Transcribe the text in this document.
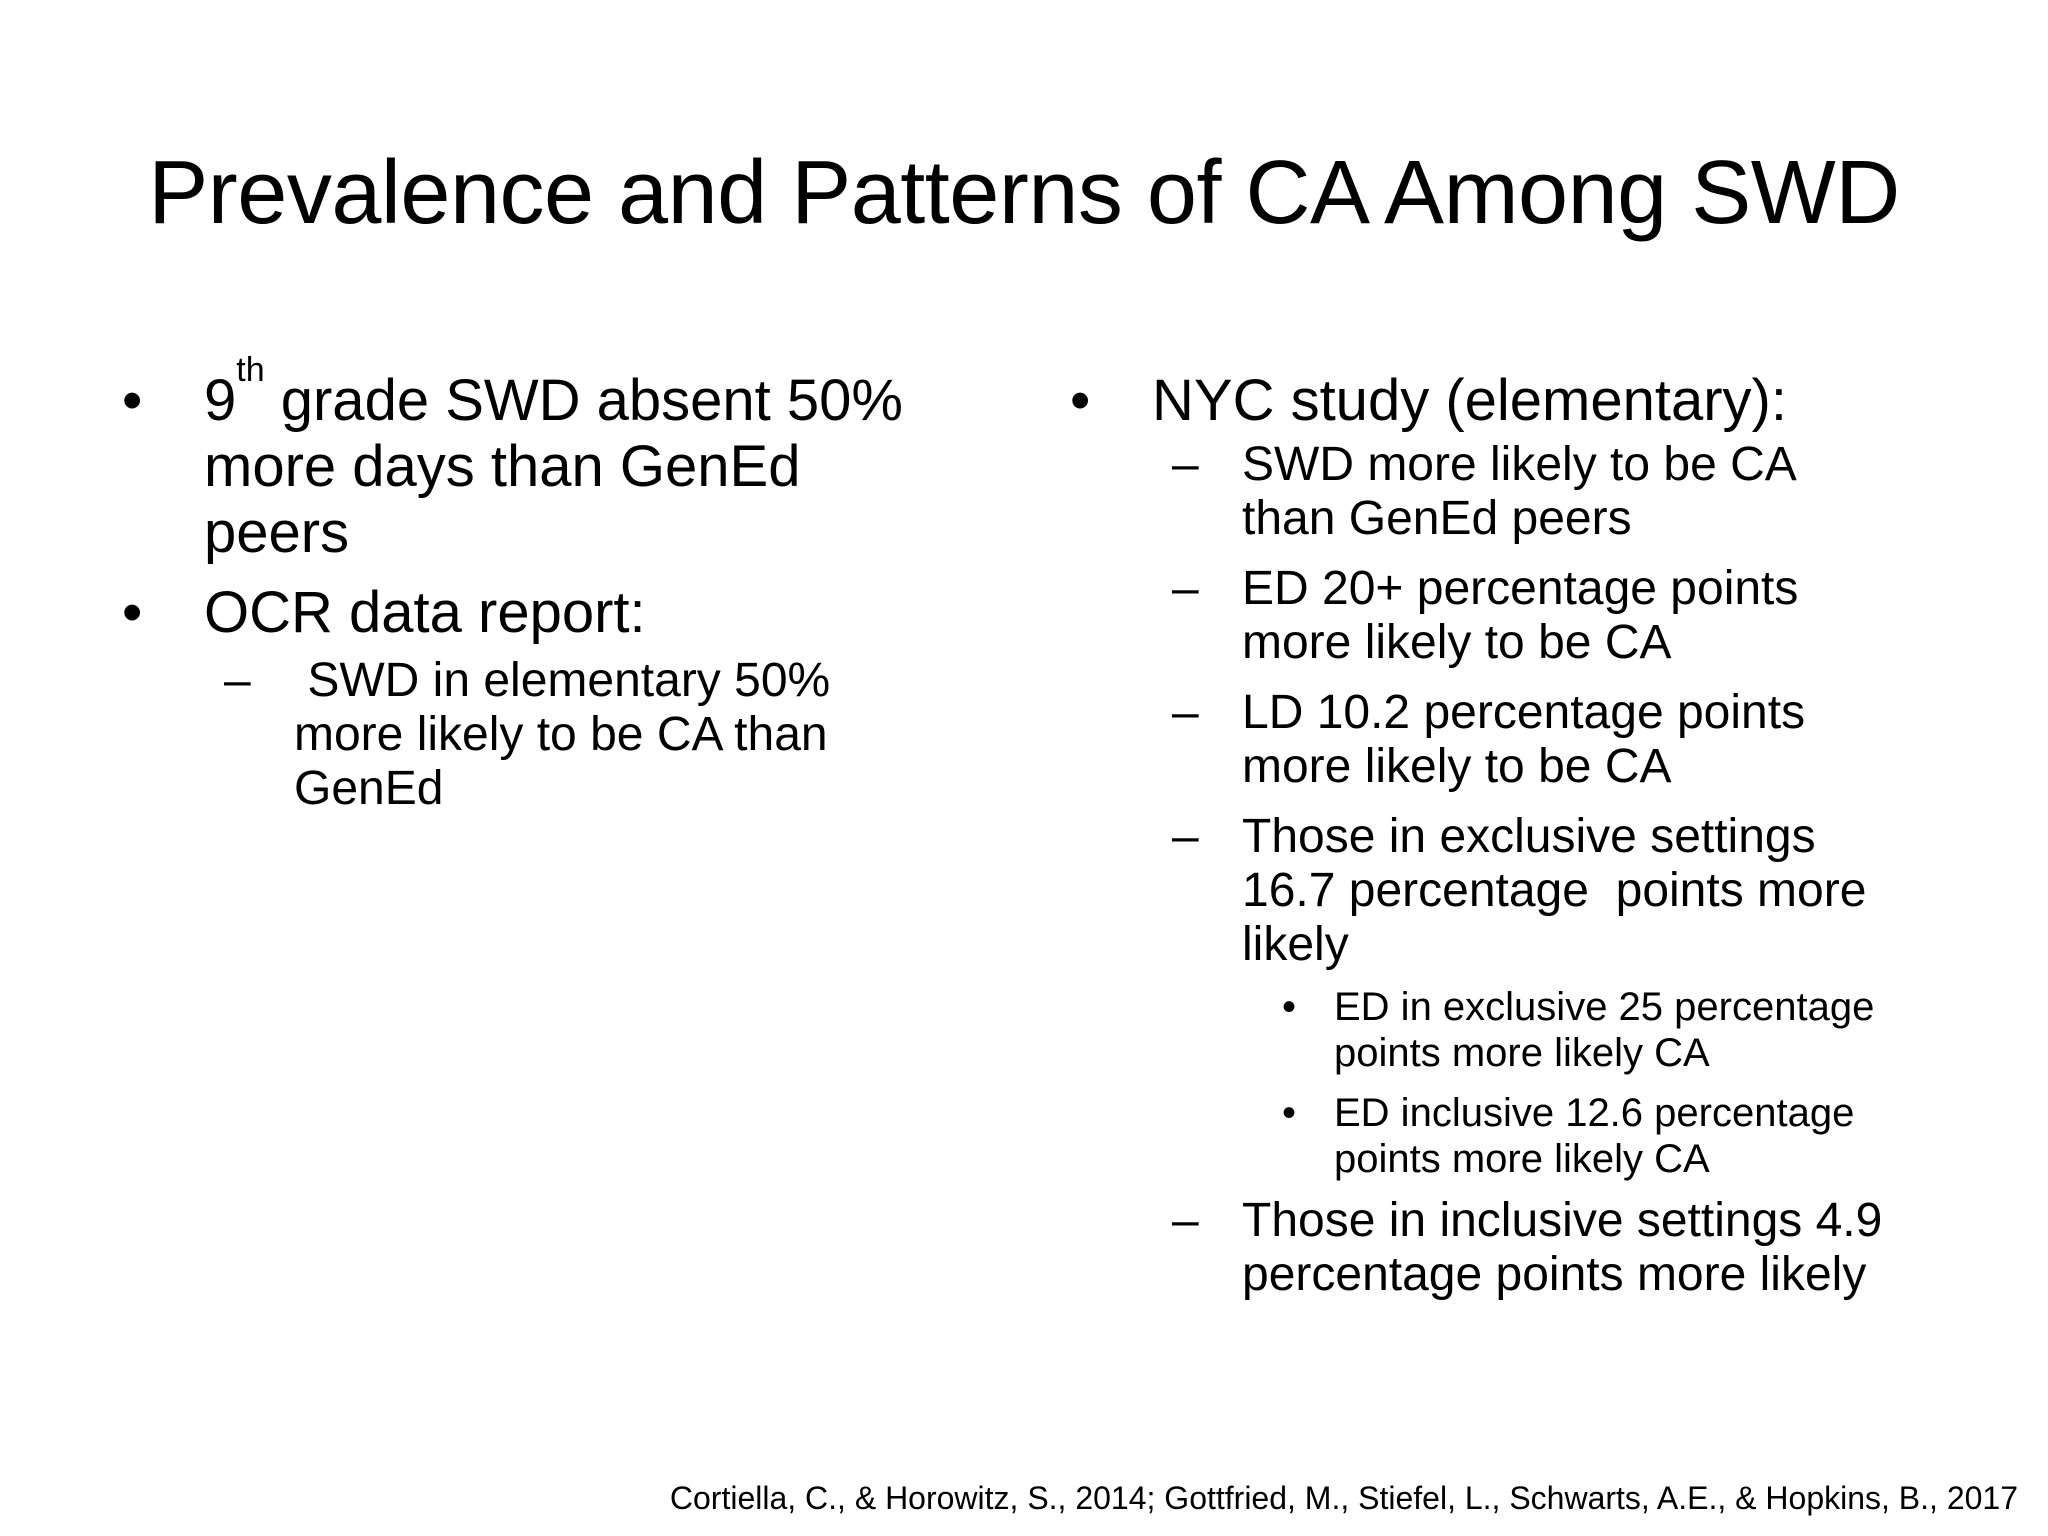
Prevalence and Patterns of CA Among SWD
•	9th grade SWD absent 50%
more days than GenEd
peers
•	OCR data report:
– SWD in elementary 50%
more likely to be CA than
GenEd
•	NYC study (elementary):
– SWD more likely to be CA
than GenEd peers
– ED 20+ percentage points
more likely to be CA
– LD 10.2 percentage points
more likely to be CA
– Those in exclusive settings
16.7 percentage  points more
likely
• ED in exclusive 25 percentage
points more likely CA
• ED inclusive 12.6 percentage
points more likely CA
– Those in inclusive settings 4.9
percentage points more likely
Cortiella, C., & Horowitz, S., 2014; Gottfried, M., Stiefel, L., Schwarts, A.E., & Hopkins, B., 2017
